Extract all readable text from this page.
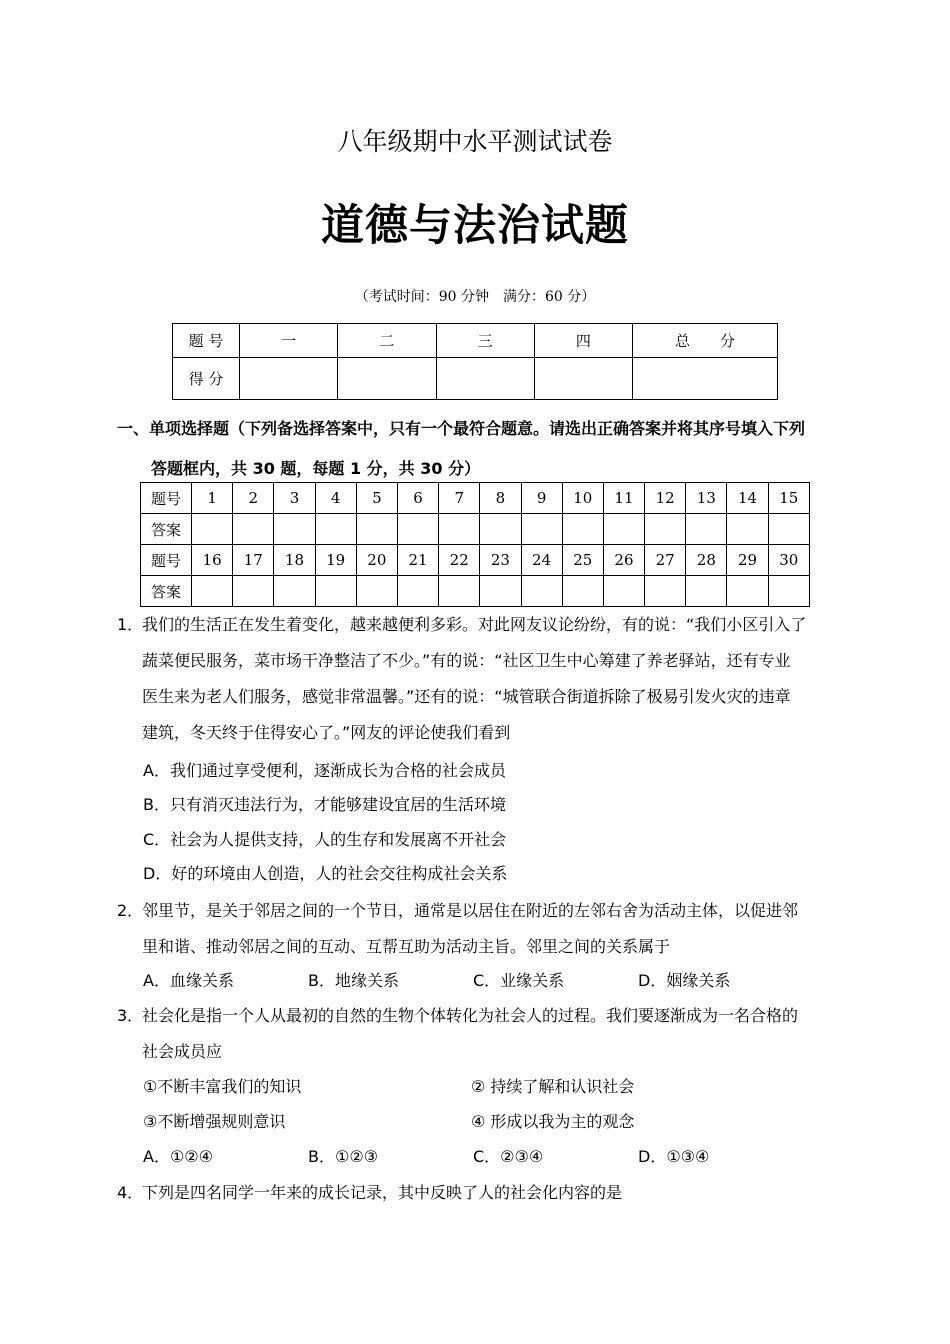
八年级期中水平测试试卷
道德与法治试题
（考试时间：90 分钟　满分：60 分）
题 号	一	二	三	四	总　　分
得 分					
一、单项选择题（下列备选择答案中，只有一个最符合题意。请选出正确答案并将其序号填入下列
答题框内，共 30 题，每题 1 分，共 30 分）
题号	1	2	3	4	5	6	7	8	9	10	11	12	13	14	15
答案															
题号	16	17	18	19	20	21	22	23	24	25	26	27	28	29	30
答案															
1．我们的生活正在发生着变化，越来越便利多彩。对此网友议论纷纷，有的说：“我们小区引入了
蔬菜便民服务，菜市场干净整洁了不少。”有的说：“社区卫生中心筹建了养老驿站，还有专业
医生来为老人们服务，感觉非常温馨。”还有的说：“城管联合街道拆除了极易引发火灾的违章
建筑，冬天终于住得安心了。”网友的评论使我们看到
A．我们通过享受便利，逐渐成长为合格的社会成员
B．只有消灭违法行为，才能够建设宜居的生活环境
C．社会为人提供支持，人的生存和发展离不开社会
D．好的环境由人创造，人的社会交往构成社会关系
2．邻里节，是关于邻居之间的一个节日，通常是以居住在附近的左邻右舍为活动主体，以促进邻
里和谐、推动邻居之间的互动、互帮互助为活动主旨。邻里之间的关系属于
A．血缘关系	B．地缘关系	C．业缘关系	D．姻缘关系
3．社会化是指一个人从最初的自然的生物个体转化为社会人的过程。我们要逐渐成为一名合格的
社会成员应
①不断丰富我们的知识	② 持续了解和认识社会
③不断增强规则意识	④ 形成以我为主的观念
A．①②④	B．①②③	C．②③④	D．①③④
4．下列是四名同学一年来的成长记录，其中反映了人的社会化内容的是
